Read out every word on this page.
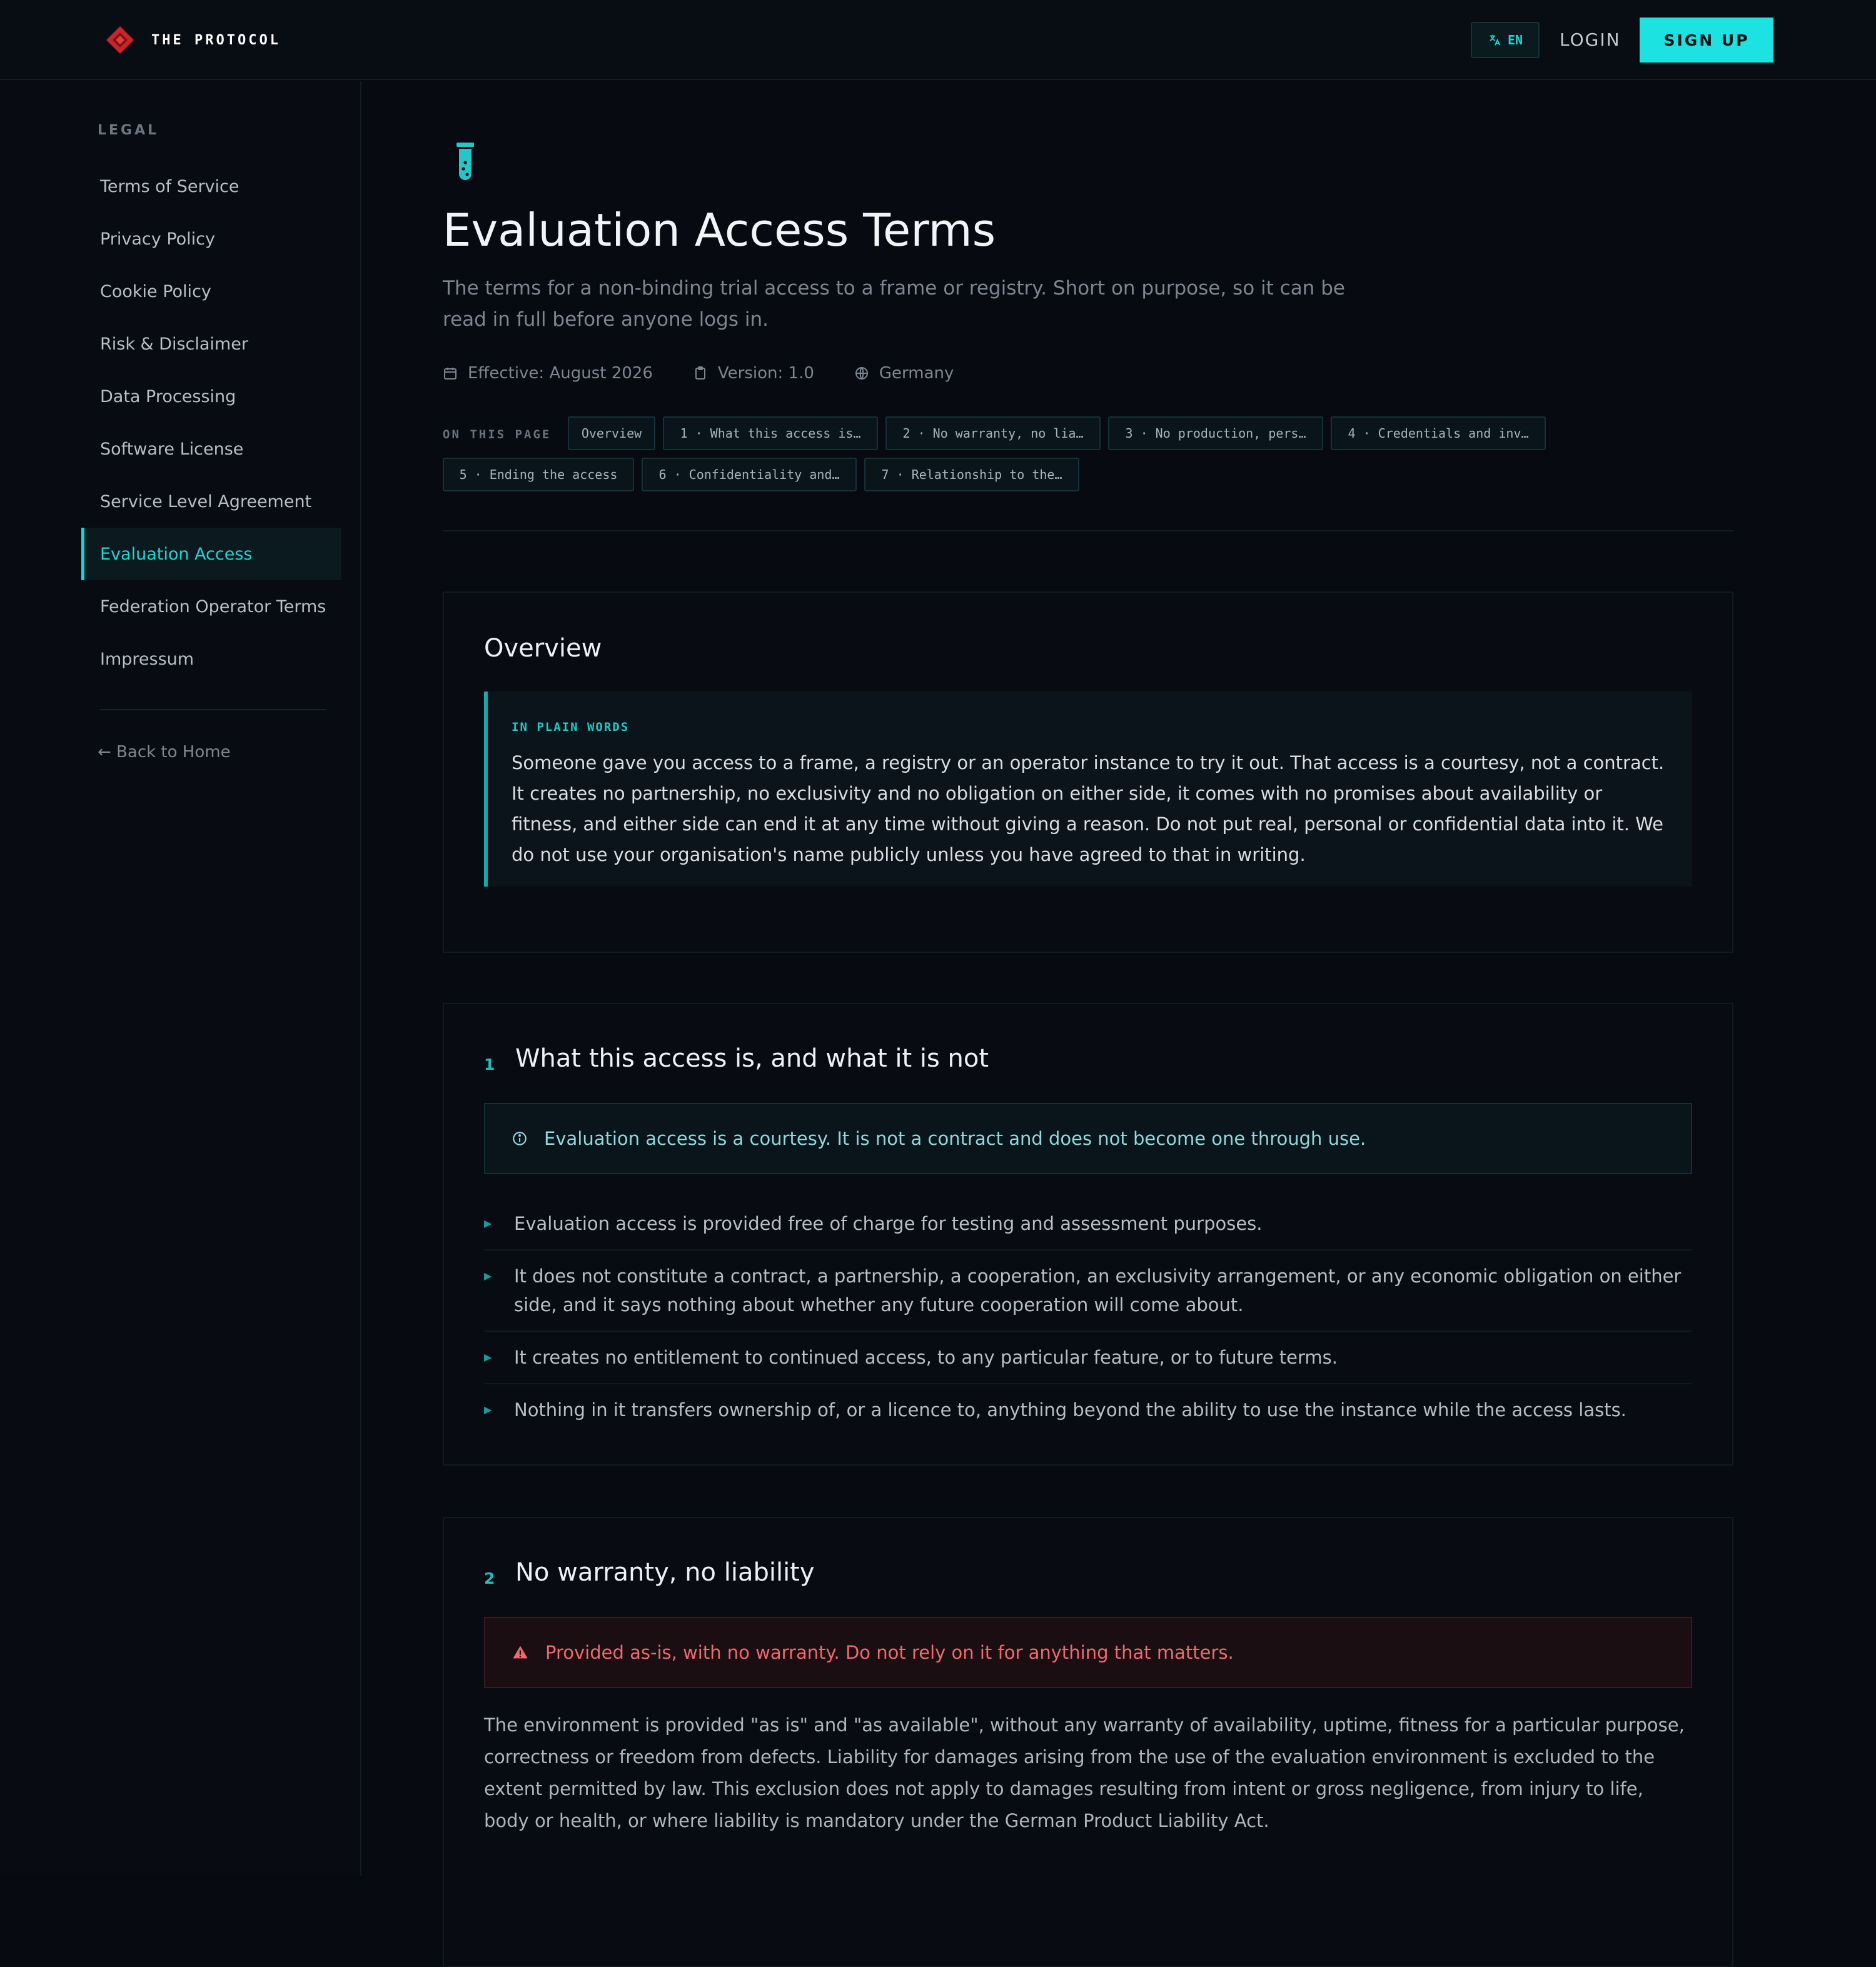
THE PROTOCOL	EN LOGIN	SIGN UP
LEGAL
Terms of Service
Privacy Policy
Cookie Policy
Risk & Disclaimer
Data Processing
Software License
Service Level Agreement
Evaluation Access
Federation Operator Terms
Impressum
← Back to Home
Evaluation Access Terms
The terms for a non-binding trial access to a frame or registry. Short on purpose, so it can be read in full before anyone logs in.
Effective: August 2026	Version: 1.0	Germany
ON THIS PAGE	Overview	1 · What this access is…	2 · No warranty, no lia…	3 · No production, pers…	4 · Credentials and inv…
5 · Ending the access	6 · Confidentiality and…	7 · Relationship to the…
Overview
IN PLAIN WORDS
Someone gave you access to a frame, a registry or an operator instance to try it out. That access is a courtesy, not a contract. It creates no partnership, no exclusivity and no obligation on either side, it comes with no promises about availability or fitness, and either side can end it at any time without giving a reason. Do not put real, personal or confidential data into it. We do not use your organisation's name publicly unless you have agreed to that in writing.
1 What this access is, and what it is not
Evaluation access is a courtesy. It is not a contract and does not become one through use.
▶ Evaluation access is provided free of charge for testing and assessment purposes.
▶ It does not constitute a contract, a partnership, a cooperation, an exclusivity arrangement, or any economic obligation on either side, and it says nothing about whether any future cooperation will come about.
▶ It creates no entitlement to continued access, to any particular feature, or to future terms.
▶ Nothing in it transfers ownership of, or a licence to, anything beyond the ability to use the instance while the access lasts.
2 No warranty, no liability
Provided as-is, with no warranty. Do not rely on it for anything that matters.
The environment is provided "as is" and "as available", without any warranty of availability, uptime, fitness for a particular purpose, correctness or freedom from defects. Liability for damages arising from the use of the evaluation environment is excluded to the extent permitted by law. This exclusion does not apply to damages resulting from intent or gross negligence, from injury to life, body or health, or where liability is mandatory under the German Product Liability Act.
